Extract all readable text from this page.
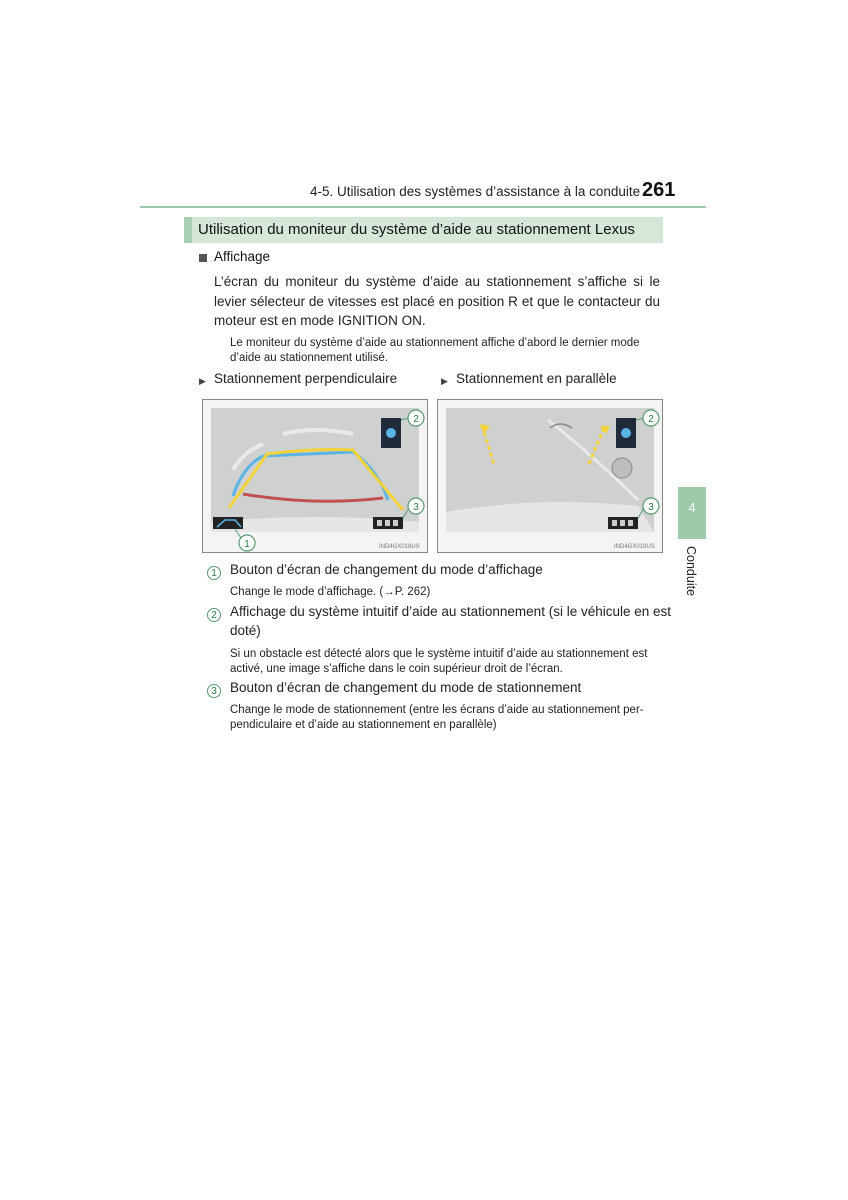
4-5. Utilisation des systèmes d’assistance à la conduite 261
Utilisation du moniteur du système d’aide au stationnement Lexus
Affichage
L’écran du moniteur du système d’aide au stationnement s’affiche si le levier sélecteur de vitesses est placé en position R et que le contacteur du moteur est en mode IGNITION ON.
Le moniteur du système d’aide au stationnement affiche d’abord le dernier mode d’aide au stationnement utilisé.
▶ Stationnement perpendiculaire	▶ Stationnement en parallèle
1
2
3
IND4GX018US
2
3
IND4GX019US
1 Bouton d’écran de changement du mode d’affichage
Change le mode d’affichage. (→P. 262)
2 Affichage du système intuitif d’aide au stationnement (si le véhicule en est
doté)
Si un obstacle est détecté alors que le système intuitif d’aide au stationnement est
activé, une image s’affiche dans le coin supérieur droit de l’écran.
3 Bouton d’écran de changement du mode de stationnement
Change le mode de stationnement (entre les écrans d’aide au stationnement per-
pendiculaire et d’aide au stationnement en parallèle)
4
Conduite
